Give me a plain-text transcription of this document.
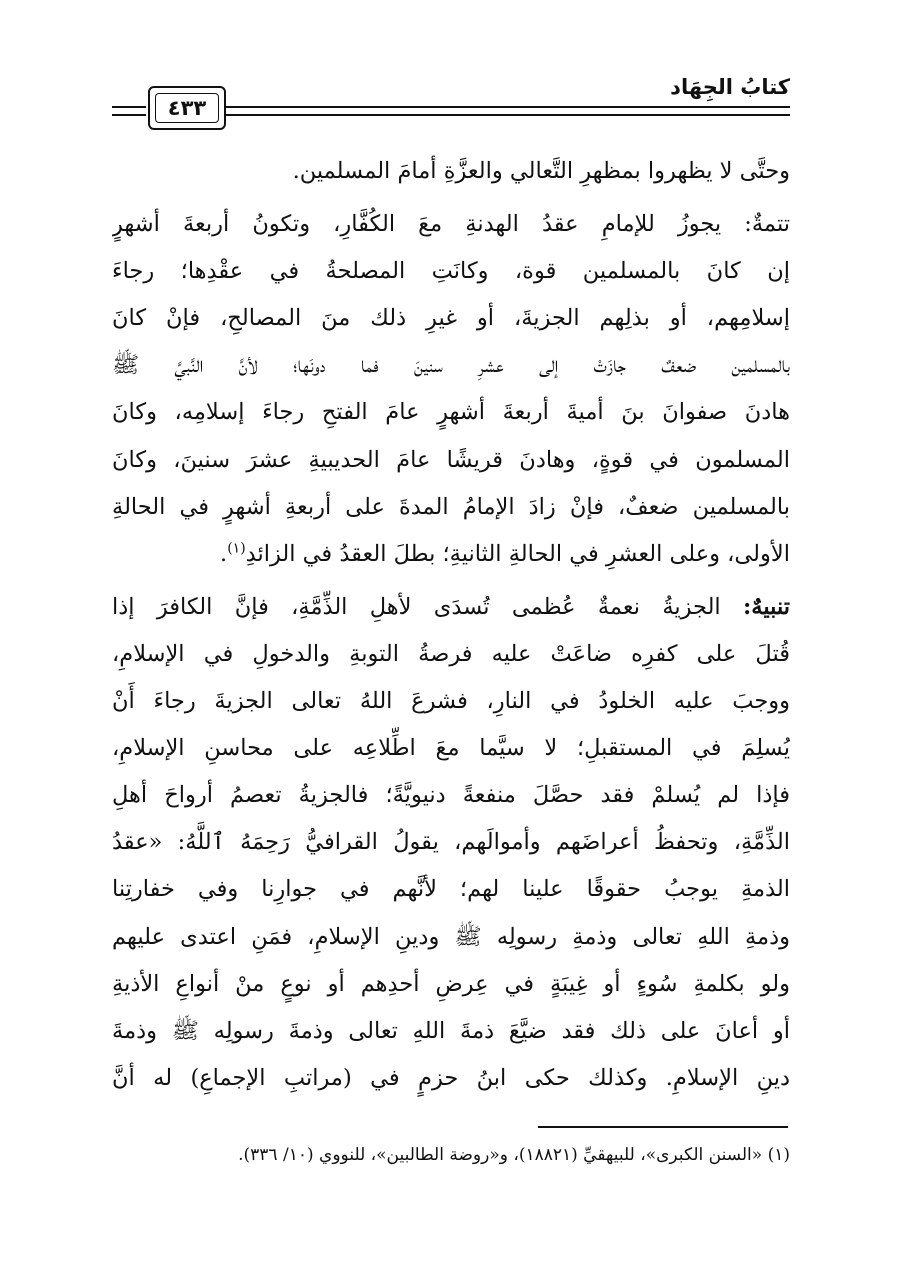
كتابُ الجِهَاد
٤٣٣
وحتَّى لا يظهروا بمظهرِ التَّعالي والعزَّةِ أمامَ المسلمين.
تتمةٌ: يجوزُ للإمامِ عقدُ الهدنةِ معَ الكُفَّارِ، وتكونُ أربعةَ أشهرٍ
إن كانَ بالمسلمين قوة، وكانَتِ المصلحةُ في عقْدِها؛ رجاءَ
إسلامِهم، أو بذلِهم الجزيةَ، أو غيرِ ذلك منَ المصالحِ، فإنْ كانَ
بالمسلمين ضعفٌ جازَتْ إلى عشرِ سنينَ فما دونَها؛ لأنَّ النَّبيَّ ﷺ
هادنَ صفوانَ بنَ أميةَ أربعةَ أشهرٍ عامَ الفتحِ رجاءَ إسلامِه، وكانَ
المسلمون في قوةٍ، وهادنَ قريشًا عامَ الحديبيةِ عشرَ سنينَ، وكانَ
بالمسلمين ضعفٌ، فإنْ زادَ الإمامُ المدةَ على أربعةِ أشهرٍ في الحالةِ
الأولى، وعلى العشرِ في الحالةِ الثانيةِ؛ بطلَ العقدُ في الزائدِ$^{(١)}$.
تنبيهٌ: الجزيةُ نعمةٌ عُظمى تُسدَى لأهلِ الذِّمَّةِ، فإنَّ الكافرَ إذا
قُتلَ على كفرِه ضاعَتْ عليه فرصةُ التوبةِ والدخولِ في الإسلامِ،
ووجبَ عليه الخلودُ في النارِ، فشرعَ اللهُ تعالى الجزيةَ رجاءَ أَنْ
يُسلِمَ في المستقبلِ؛ لا سيَّما معَ اطِّلاعِه على محاسنِ الإسلامِ،
فإذا لم يُسلمْ فقد حصَّلَ منفعةً دنيويَّةً؛ فالجزيةُ تعصمُ أرواحَ أهلِ
الذِّمَّةِ، وتحفظُ أعراضَهم وأموالَهم، يقولُ القرافيُّ رَحِمَهُ ٱللَّهُ: «عقدُ
الذمةِ يوجبُ حقوقًا علينا لهم؛ لأنَّهم في جوارِنا وفي خفارتِنا
وذمةِ اللهِ تعالى وذمةِ رسولِه ﷺ ودينِ الإسلامِ، فمَنِ اعتدى عليهم
ولو بكلمةِ سُوءٍ أو غِيبَةٍ في عِرضِ أحدِهم أو نوعٍ منْ أنواعِ الأذيةِ
أو أعانَ على ذلك فقد ضيَّعَ ذمةَ اللهِ تعالى وذمةَ رسولِه ﷺ وذمةَ
دينِ الإسلامِ. وكذلك حكى ابنُ حزمٍ في (مراتبِ الإجماعِ) له أنَّ
(١) «السنن الكبرى»، للبيهقيِّ (١٨٨٢١)، و«روضة الطالبين»، للنووي (١٠/ ٣٣٦).
